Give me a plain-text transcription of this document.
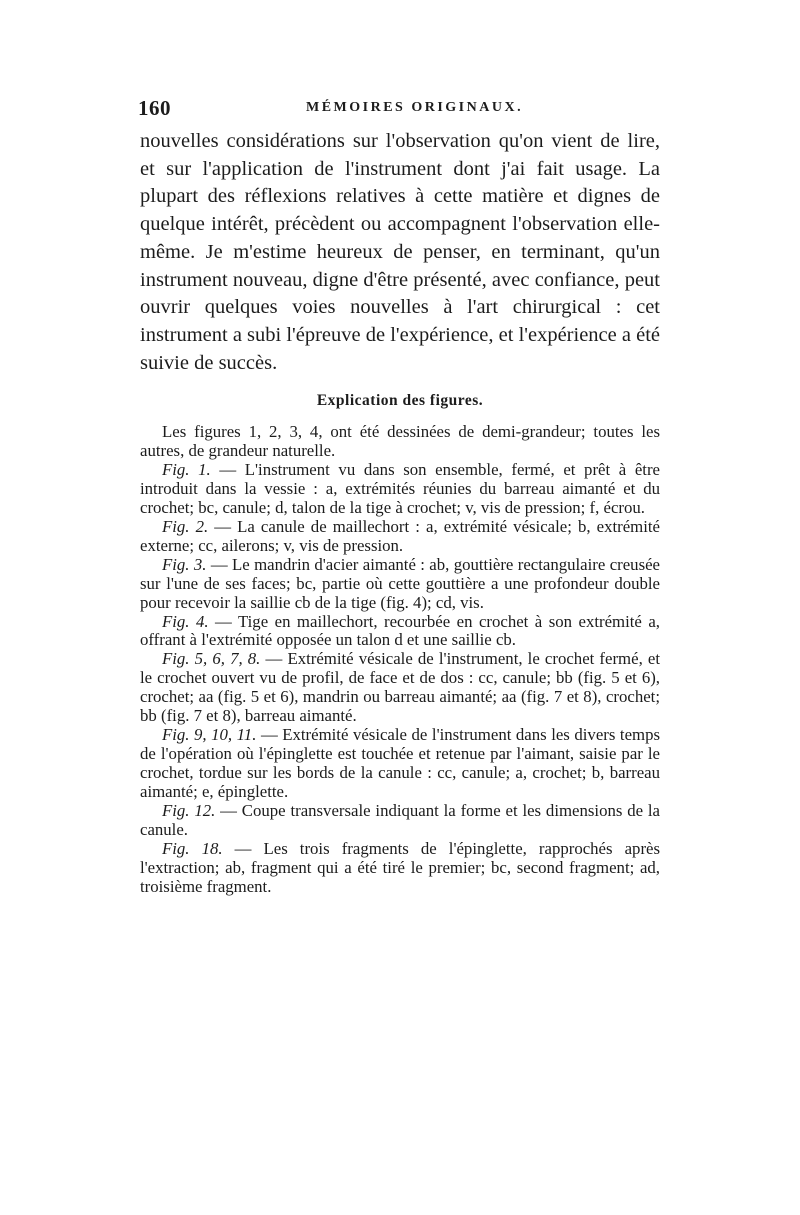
160	MÉMOIRES ORIGINAUX.

nouvelles considérations sur l'observation qu'on vient de lire, et sur l'application de l'instrument dont j'ai fait usage. La plupart des réflexions relatives à cette matière et dignes de quelque intérêt, précèdent ou accompagnent l'observation elle-même. Je m'estime heureux de penser, en terminant, qu'un instrument nouveau, digne d'être présenté, avec confiance, peut ouvrir quelques voies nouvelles à l'art chirurgical : cet instrument a subi l'épreuve de l'expérience, et l'expérience a été suivie de succès.

Explication des figures.

Les figures 1, 2, 3, 4, ont été dessinées de demi-grandeur; toutes les autres, de grandeur naturelle.

Fig. 1. — L'instrument vu dans son ensemble, fermé, et prêt à être introduit dans la vessie : a, extrémités réunies du barreau aimanté et du crochet; bc, canule; d, talon de la tige à crochet; v, vis de pression; f, écrou.

Fig. 2. — La canule de maillechort : a, extrémité vésicale; b, extrémité externe; cc, ailerons; v, vis de pression.

Fig. 3. — Le mandrin d'acier aimanté : ab, gouttière rectangulaire creusée sur l'une de ses faces; bc, partie où cette gouttière a une profondeur double pour recevoir la saillie cb de la tige (fig. 4); cd, vis.

Fig. 4. — Tige en maillechort, recourbée en crochet à son extrémité a, offrant à l'extrémité opposée un talon d et une saillie cb.

Fig. 5, 6, 7, 8. — Extrémité vésicale de l'instrument, le crochet fermé, et le crochet ouvert vu de profil, de face et de dos : cc, canule; bb (fig. 5 et 6), crochet; aa (fig. 5 et 6), mandrin ou barreau aimanté; aa (fig. 7 et 8), crochet; bb (fig. 7 et 8), barreau aimanté.

Fig. 9, 10, 11. — Extrémité vésicale de l'instrument dans les divers temps de l'opération où l'épinglette est touchée et retenue par l'aimant, saisie par le crochet, tordue sur les bords de la canule : cc, canule; a, crochet; b, barreau aimanté; e, épinglette.

Fig. 12. — Coupe transversale indiquant la forme et les dimensions de la canule.

Fig. 18. — Les trois fragments de l'épinglette, rapprochés après l'extraction; ab, fragment qui a été tiré le premier; bc, second fragment; ad, troisième fragment.
